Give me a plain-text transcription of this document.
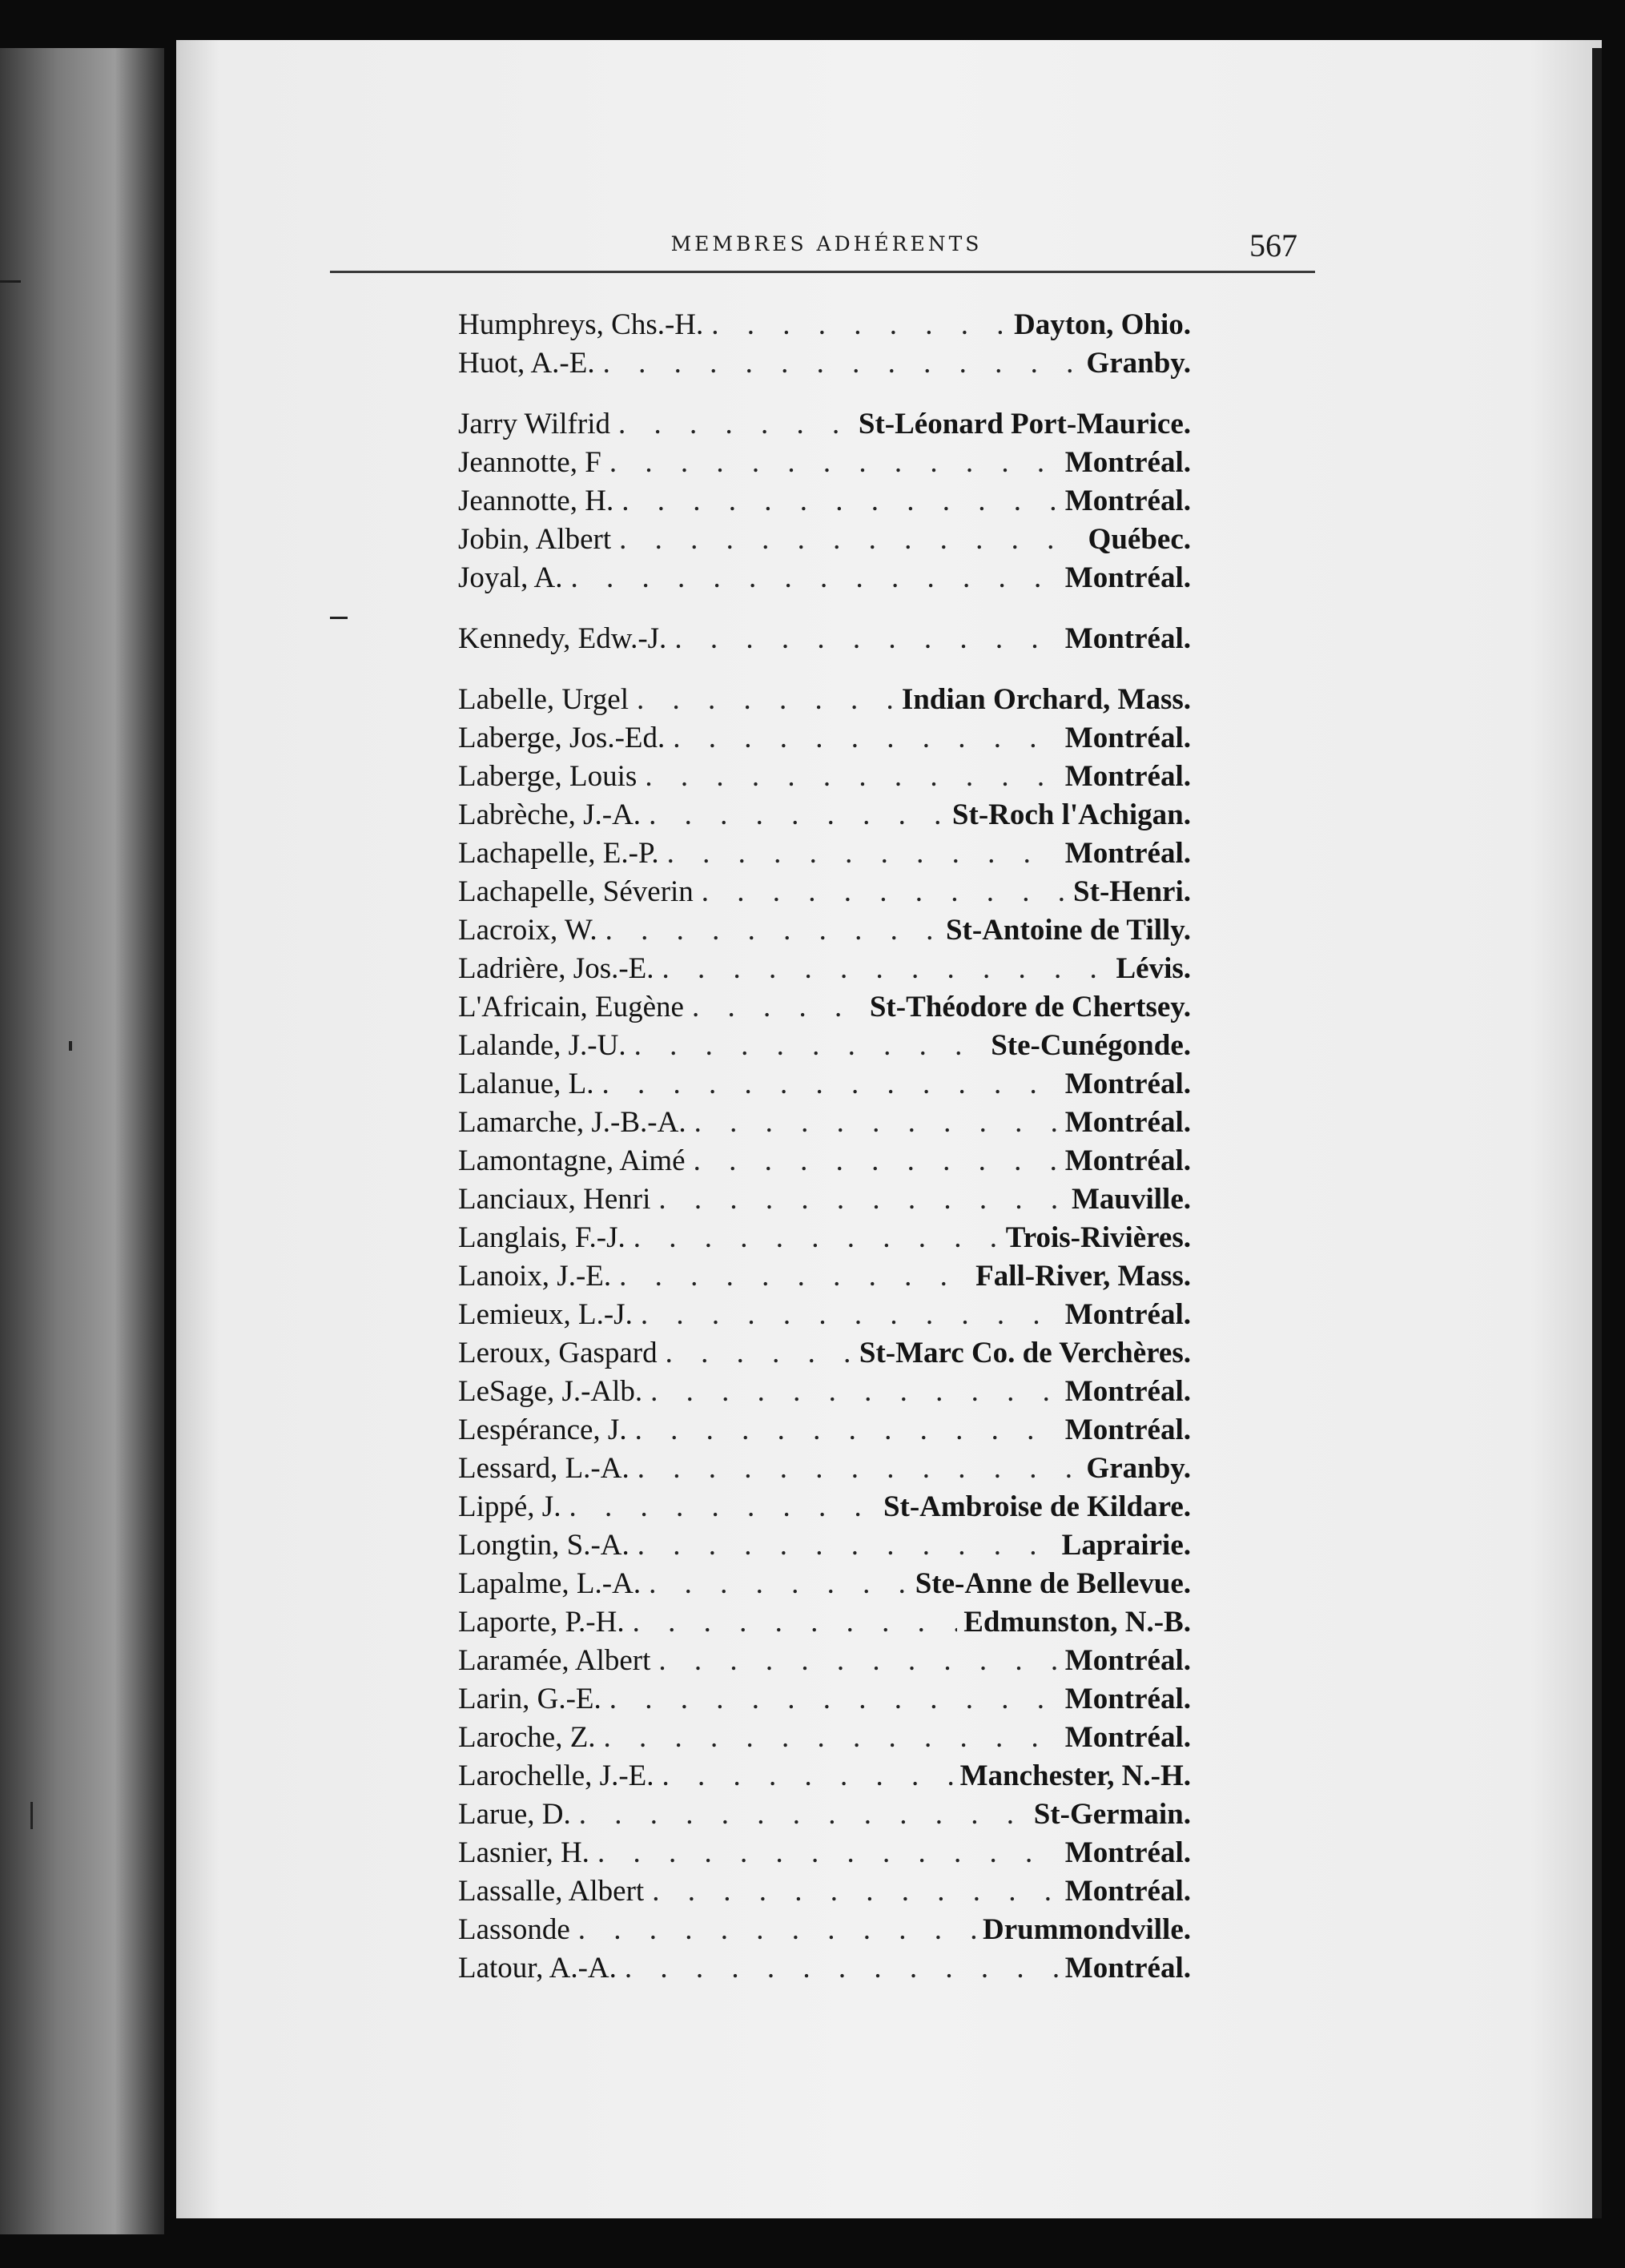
MEMBRES ADHÉRENTS	567
Humphreys, Chs.-H. . . .	Dayton, Ohio.
Huot, A.-E. . . .	Granby.
Jarry Wilfrid . . .	St-Léonard Port-Maurice.
Jeannotte, F . . .	Montréal.
Jeannotte, H. . . .	Montréal.
Jobin, Albert . . .	Québec.
Joyal, A. . . .	Montréal.
Kennedy, Edw.-J. . . .	Montréal.
Labelle, Urgel . . .	Indian Orchard, Mass.
Laberge, Jos.-Ed. . . .	Montréal.
Laberge, Louis . . .	Montréal.
Labrèche, J.-A. . . .	St-Roch l'Achigan.
Lachapelle, E.-P. . . .	Montréal.
Lachapelle, Séverin . . .	St-Henri.
Lacroix, W. . . .	St-Antoine de Tilly.
Ladrière, Jos.-E. . . .	Lévis.
L'Africain, Eugène . . .	St-Théodore de Chertsey.
Lalande, J.-U. . . .	Ste-Cunégonde.
Lalanue, L. . . .	Montréal.
Lamarche, J.-B.-A. . . .	Montréal.
Lamontagne, Aimé . . .	Montréal.
Lanciaux, Henri . . .	Mauville.
Langlais, F.-J. . . .	Trois-Rivières.
Lanoix, J.-E. . . .	Fall-River, Mass.
Lemieux, L.-J. . . .	Montréal.
Leroux, Gaspard . . .	St-Marc Co. de Verchères.
LeSage, J.-Alb. . . .	Montréal.
Lespérance, J. . . .	Montréal.
Lessard, L.-A. . . .	Granby.
Lippé, J. . . .	St-Ambroise de Kildare.
Longtin, S.-A. . . .	Laprairie.
Lapalme, L.-A. . . .	Ste-Anne de Bellevue.
Laporte, P.-H. . . .	Edmunston, N.-B.
Laramée, Albert . . .	Montréal.
Larin, G.-E. . . .	Montréal.
Laroche, Z. . . .	Montréal.
Larochelle, J.-E. . . .	Manchester, N.-H.
Larue, D. . . .	St-Germain.
Lasnier, H. . . .	Montréal.
Lassalle, Albert . . .	Montréal.
Lassonde . . .	Drummondville.
Latour, A.-A. . . .	Montréal.
